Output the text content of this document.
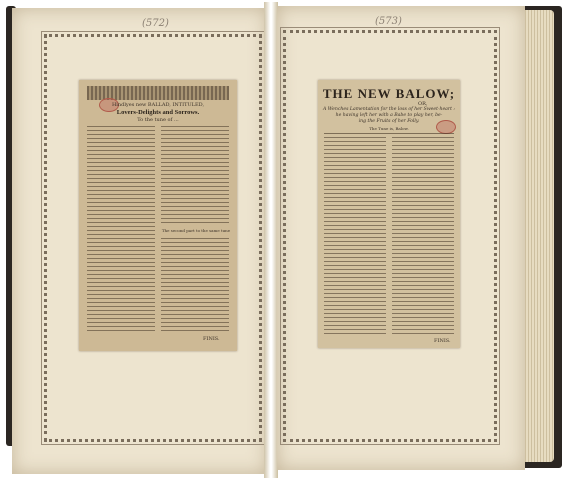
(572)	(573)
Hindlyes new BALLAD, INTITULED,
Lovers-Delights and Sorrows.
To the tune of ...
The second part to the same tune
FINIS.
THE NEW BALOW;
OR,
A Wenches Lamentation for the loss of her Sweet-heart :
he having left her with a Babe to play her, be-
ing the Fruits of her Folly.
The Tune is, Balow.
FINIS.
